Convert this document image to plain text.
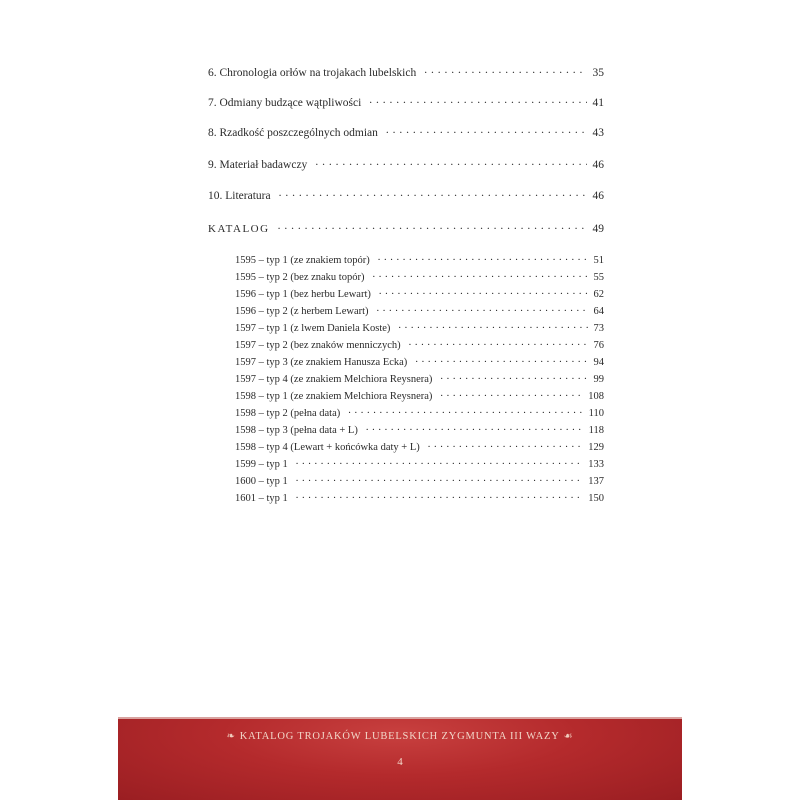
6. Chronologia orłów na trojakach lubelskich . . .	35
7. Odmiany budzące wątpliwości . . .	41
8. Rzadkość poszczególnych odmian . . .	43
9. Materiał badawczy . . .	46
10. Literatura . . .	46
KATALOG . . .	49
1595 – typ 1 (ze znakiem topór) . . .	51
1595 – typ 2 (bez znaku topór) . . .	55
1596 – typ 1 (bez herbu Lewart) . . .	62
1596 – typ 2 (z herbem Lewart) . . .	64
1597 – typ 1 (z lwem Daniela Koste) . . .	73
1597 – typ 2 (bez znaków menniczych) . . .	76
1597 – typ 3 (ze znakiem Hanusza Ecka) . . .	94
1597 – typ 4 (ze znakiem Melchiora Reysnera) . . .	99
1598 – typ 1 (ze znakiem Melchiora Reysnera) . . .	108
1598 – typ 2 (pełna data) . . .	110
1598 – typ 3 (pełna data + L) . . .	118
1598 – typ 4 (Lewart + końcówka daty + L) . . .	129
1599 – typ 1 . . .	133
1600 – typ 1 . . .	137
1601 – typ 1 . . .	150
❧ KATALOG TROJAKÓW LUBELSKICH ZYGMUNTA III WAZY ☙
4
